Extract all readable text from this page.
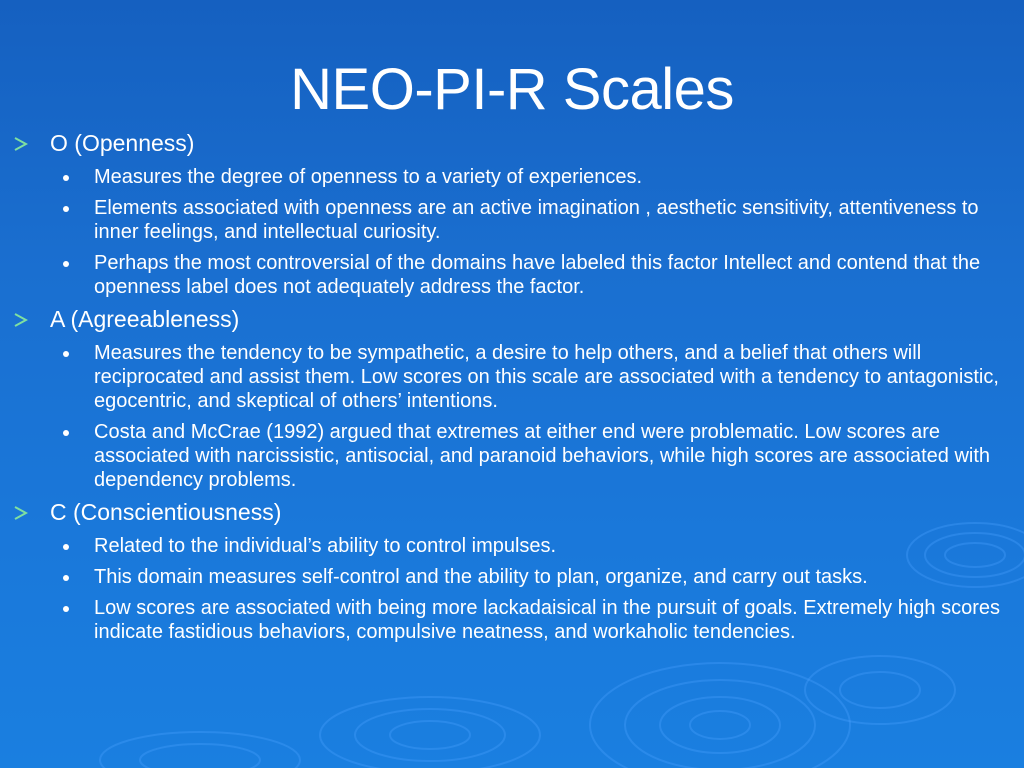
NEO-PI-R Scales
O (Openness)
Measures the degree of openness to a variety of experiences.
Elements associated with openness are an active imagination , aesthetic sensitivity, attentiveness to inner feelings, and intellectual curiosity.
Perhaps the most controversial of the domains have labeled this factor Intellect and contend that the openness label does not adequately address the factor.
A (Agreeableness)
Measures the tendency to be sympathetic, a desire to help others, and a belief that others will reciprocated and assist them. Low scores on this scale are associated with a tendency to antagonistic, egocentric, and skeptical of others’ intentions.
Costa and McCrae (1992) argued that extremes at either end were problematic. Low scores are associated with narcissistic, antisocial, and paranoid behaviors, while high scores are associated with dependency problems.
C (Conscientiousness)
Related to the individual’s ability to control impulses.
This domain measures self-control and the ability to plan, organize, and carry out tasks.
Low scores are associated with being more lackadaisical in the pursuit of goals. Extremely high scores indicate fastidious behaviors, compulsive neatness, and workaholic tendencies.
